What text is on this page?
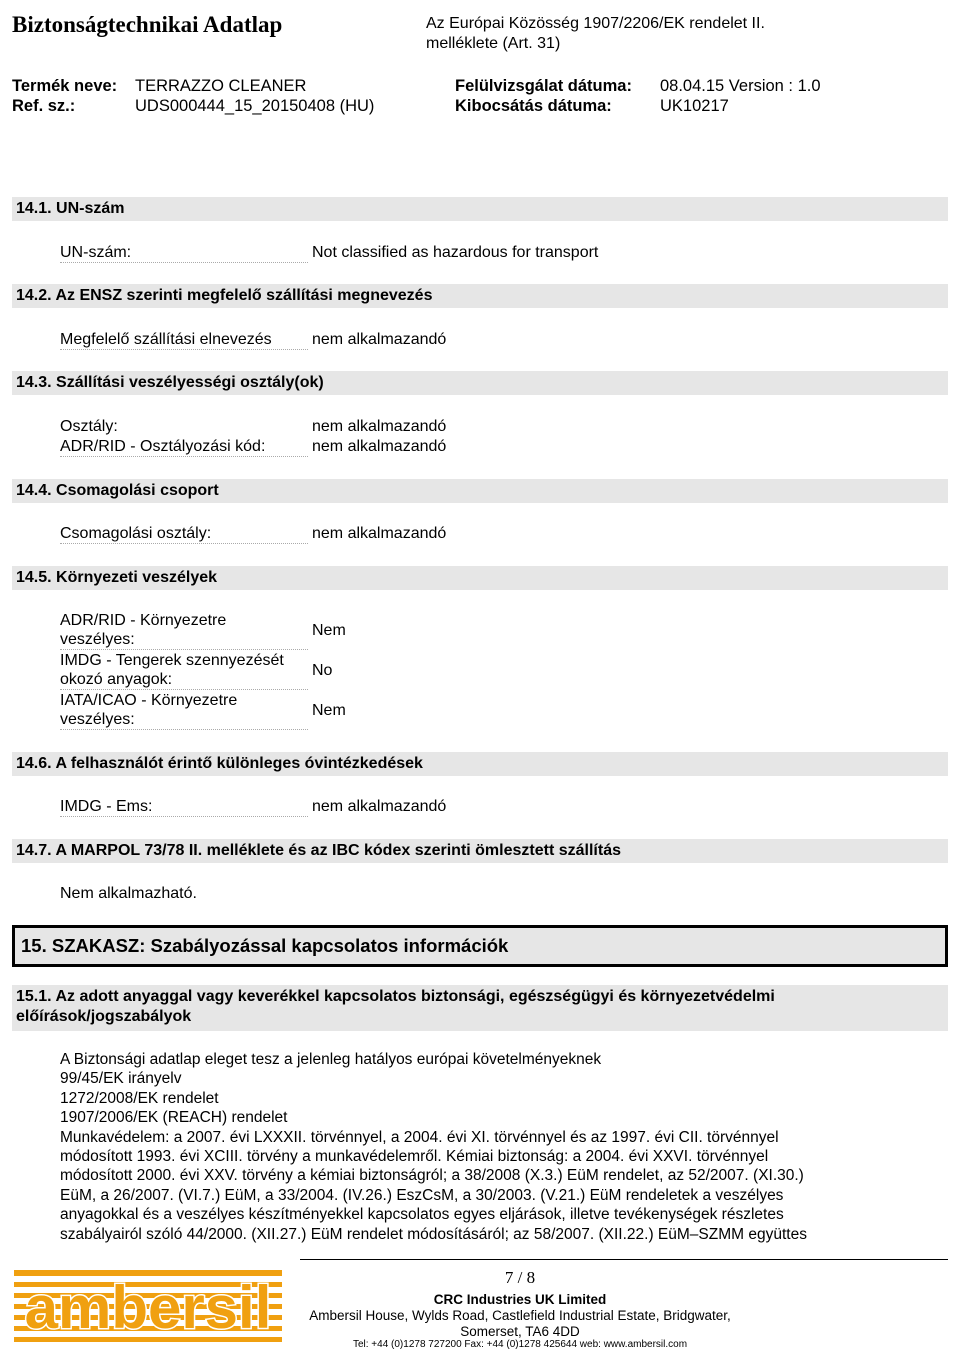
Biztonságtechnikai Adatlap	Az Európai Közösség 1907/2206/EK rendelet II.
melléklete (Art. 31)
Termék neve: TERRAZZO CLEANER
Ref. sz.:	UDS000444_15_20150408 (HU)
Felülvizsgálat dátuma: 08.04.15 Version : 1.0
Kibocsátás dátuma:	UK10217
14.1. UN-szám
UN-szám:	Not classified as hazardous for transport
14.2. Az ENSZ szerinti megfelelő szállítási megnevezés
Megfelelő szállítási elnevezés	nem alkalmazandó
14.3. Szállítási veszélyességi osztály(ok)
Osztály:	nem alkalmazandó
ADR/RID - Osztályozási kód:	nem alkalmazandó
14.4. Csomagolási csoport
Csomagolási osztály:	nem alkalmazandó
14.5. Környezeti veszélyek
ADR/RID - Környezetre
veszélyes:
Nem
IMDG - Tengerek szennyezését
okozó anyagok:
No
IATA/ICAO - Környezetre
veszélyes:
Nem
14.6. A felhasználót érintő különleges óvintézkedések
IMDG - Ems:	nem alkalmazandó
14.7. A MARPOL 73/78 II. melléklete és az IBC kódex szerinti ömlesztett szállítás
Nem alkalmazható.
15. SZAKASZ: Szabályozással kapcsolatos információk
15.1. Az adott anyaggal vagy keverékkel kapcsolatos biztonsági, egészségügyi és környezetvédelmi
előírások/jogszabályok
A Biztonsági adatlap eleget tesz a jelenleg hatályos európai követelményeknek
99/45/EK irányelv
1272/2008/EK rendelet
1907/2006/EK (REACH) rendelet
Munkavédelem: a 2007. évi LXXXII. törvénnyel, a 2004. évi XI. törvénnyel és az 1997. évi CII. törvénnyel
módosított 1993. évi XCIII. törvény a munkavédelemről. Kémiai biztonság: a 2004. évi XXVI. törvénnyel
módosított 2000. évi XXV. törvény a kémiai biztonságról; a 38/2008 (X.3.) EüM rendelet, az 52/2007. (XI.30.)
EüM, a 26/2007. (VI.7.) EüM, a 33/2004. (IV.26.) EszCsM, a 30/2003. (V.21.) EüM rendeletek a veszélyes
anyagokkal és a veszélyes készítményekkel kapcsolatos egyes eljárások, illetve tevékenységek részletes
szabályairól szóló 44/2000. (XII.27.) EüM rendelet módosításáról; az 58/2007. (XII.22.) EüM–SZMM együttes
ambersil	7 / 8
CRC Industries UK Limited
Ambersil House, Wylds Road, Castlefield Industrial Estate, Bridgwater,
Somerset, TA6 4DD
Tel: +44 (0)1278 727200 Fax: +44 (0)1278 425644 web: www.ambersil.com
